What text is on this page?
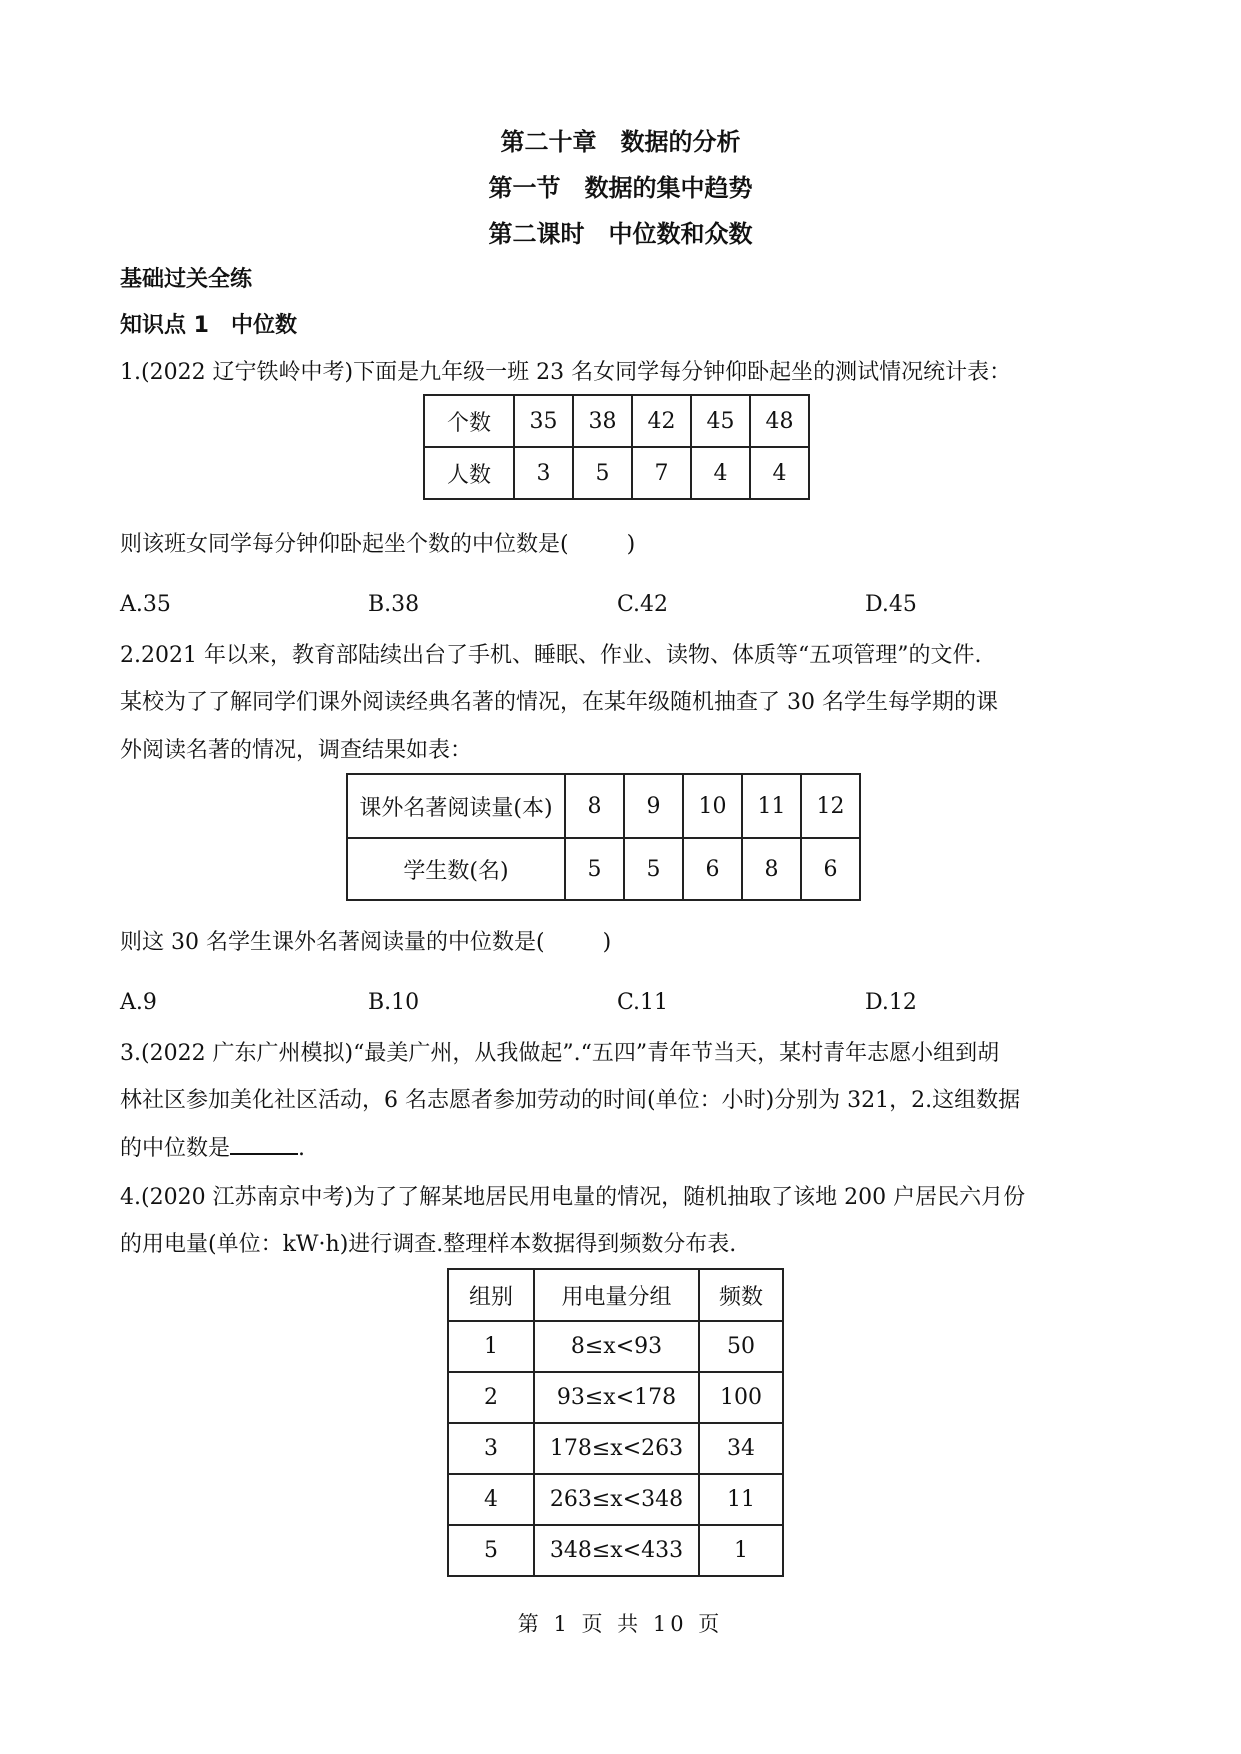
第二十章　数据的分析
第一节　数据的集中趋势
第二课时　中位数和众数
基础过关全练
知识点 1　中位数
1.(2022 辽宁铁岭中考)下面是九年级一班 23 名女同学每分钟仰卧起坐的测试情况统计表：
个数	35	38	42	45	48
人数	3	5	7	4	4
则该班女同学每分钟仰卧起坐个数的中位数是(	)
A.35	B.38	C.42	D.45
2.2021 年以来，教育部陆续出台了手机、睡眠、作业、读物、体质等“五项管理”的文件.
某校为了了解同学们课外阅读经典名著的情况，在某年级随机抽查了 30 名学生每学期的课
外阅读名著的情况，调查结果如表：
课外名著阅读量(本)	8	9	10	11	12
学生数(名)	5	5	6	8	6
则这 30 名学生课外名著阅读量的中位数是(	)
A.9	B.10	C.11	D.12
3.(2022 广东广州模拟)“最美广州，从我做起”.“五四”青年节当天，某村青年志愿小组到胡
林社区参加美化社区活动，6 名志愿者参加劳动的时间(单位：小时)分别为 321，2.这组数据
的中位数是	.
4.(2020 江苏南京中考)为了了解某地居民用电量的情况，随机抽取了该地 200 户居民六月份
的用电量(单位：kW·h)进行调查.整理样本数据得到频数分布表.
组别	用电量分组	频数
1	8≤x<93	50
2	93≤x<178	100
3	178≤x<263	34
4	263≤x<348	11
5	348≤x<433	1
第 1 页 共 10 页
